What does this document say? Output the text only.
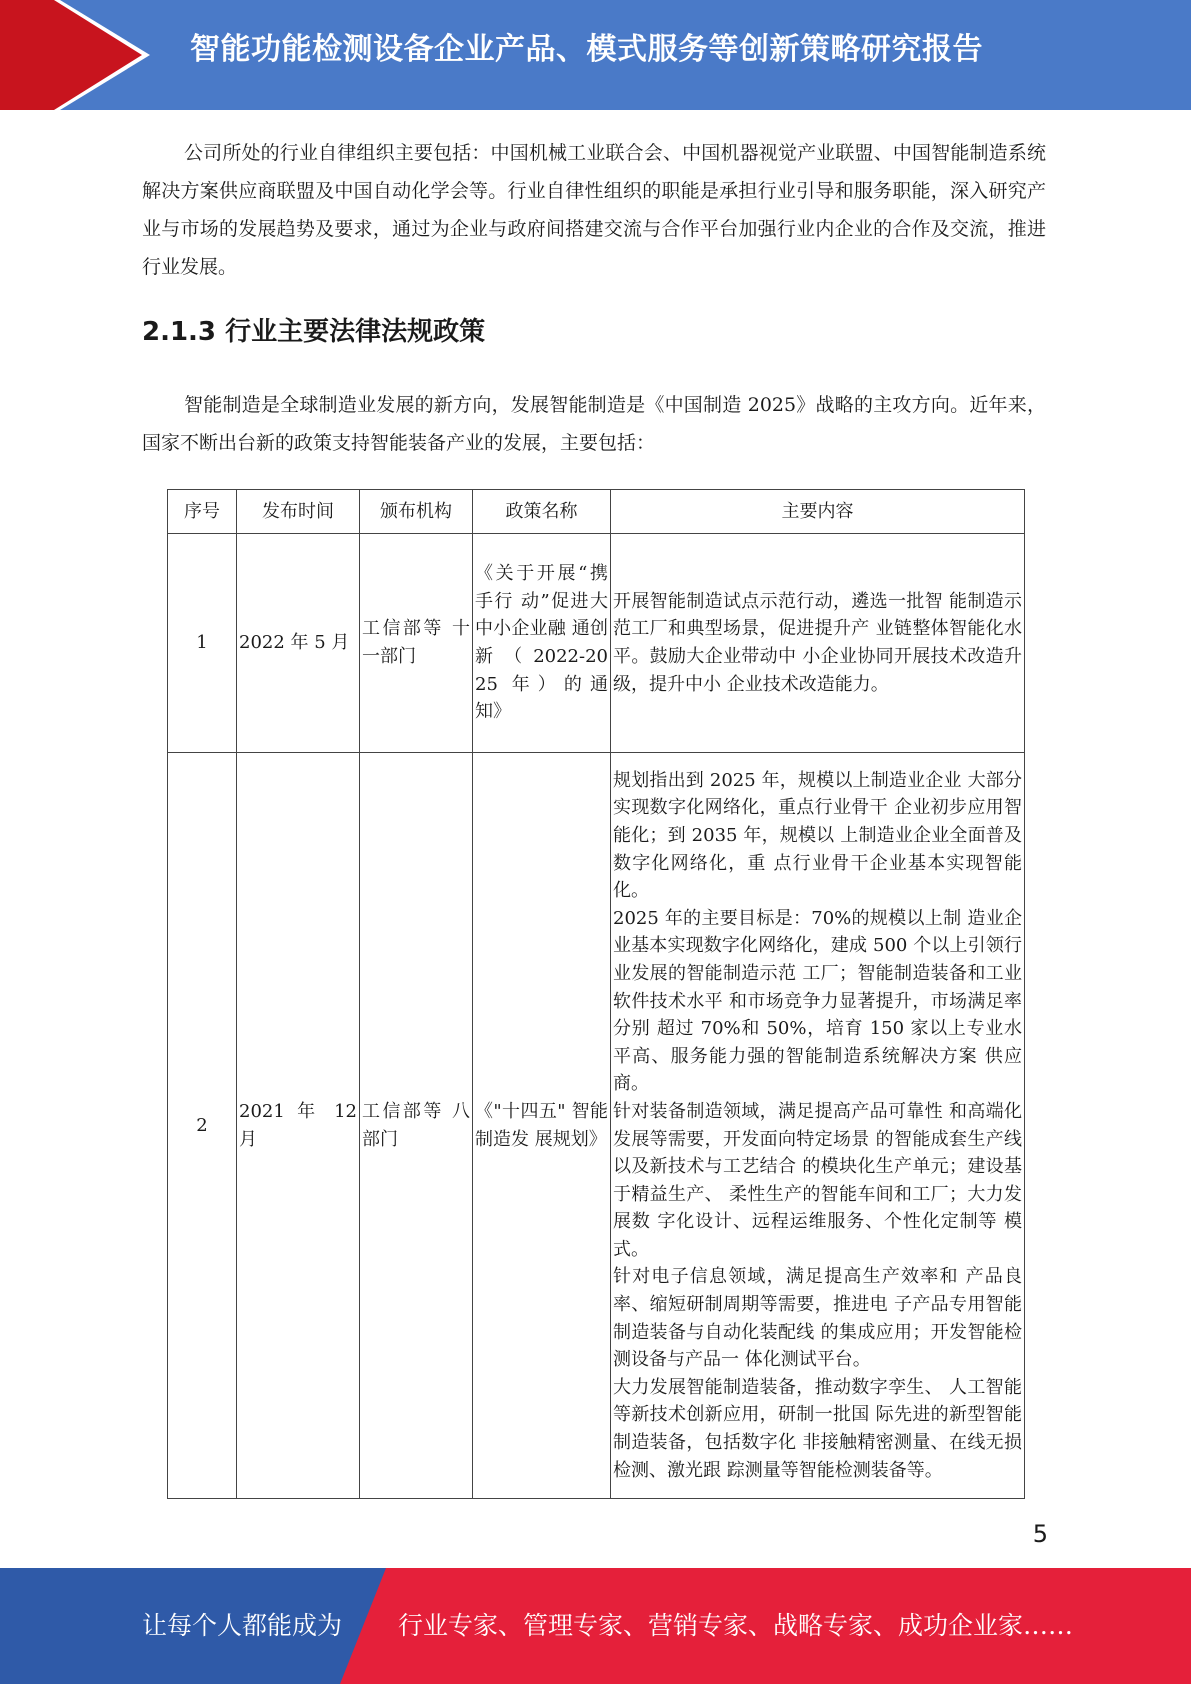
智能功能检测设备企业产品、模式服务等创新策略研究报告

公司所处的行业自律组织主要包括：中国机械工业联合会、中国机器视觉产业联盟、中国智能制造系统解决方案供应商联盟及中国自动化学会等。行业自律性组织的职能是承担行业引导和服务职能，深入研究产业与市场的发展趋势及要求，通过为企业与政府间搭建交流与合作平台加强行业内企业的合作及交流，推进行业发展。

2.1.3 行业主要法律法规政策

智能制造是全球制造业发展的新方向，发展智能制造是《中国制造 2025》战略的主攻方向。近年来，国家不断出台新的政策支持智能装备产业的发展，主要包括：

序号	发布时间	颁布机构	政策名称	主要内容
1	2022 年 5 月	工信部等 十一部门	《关于开展“携手行 动”促进大 中小企业融 通创新 （ 2022-2025 年）的通 知》	开展智能制造试点示范行动，遴选一批智 能制造示范工厂和典型场景，促进提升产 业链整体智能化水平。鼓励大企业带动中 小企业协同开展技术改造升级，提升中小 企业技术改造能力。

2	2021 年 12 月	工信部等 八部门	《"十四五" 智能制造发 展规划》	规划指出到 2025 年，规模以上制造业企业 大部分实现数字化网络化，重点行业骨干 企业初步应用智能化；到 2035 年，规模以 上制造业企业全面普及数字化网络化，重 点行业骨干企业基本实现智能化。

2025 年的主要目标是：70%的规模以上制 造业企业基本实现数字化网络化，建成 500 个以上引领行业发展的智能制造示范 工厂；智能制造装备和工业软件技术水平 和市场竞争力显著提升，市场满足率分别 超过 70%和 50%，培育 150 家以上专业水平高、服务能力强的智能制造系统解决方案 供应商。

针对装备制造领域，满足提高产品可靠性 和高端化发展等需要，开发面向特定场景 的智能成套生产线以及新技术与工艺结合 的模块化生产单元；建设基于精益生产、 柔性生产的智能车间和工厂；大力发展数 字化设计、远程运维服务、个性化定制等 模式。

针对电子信息领域，满足提高生产效率和 产品良率、缩短研制周期等需要，推进电 子产品专用智能制造装备与自动化装配线 的集成应用；开发智能检测设备与产品一 体化测试平台。

大力发展智能制造装备，推动数字孪生、 人工智能等新技术创新应用，研制一批国 际先进的新型智能制造装备，包括数字化 非接触精密测量、在线无损检测、激光跟 踪测量等智能检测装备等。

5
让每个人都能成为 行业专家、管理专家、营销专家、战略专家、成功企业家……
